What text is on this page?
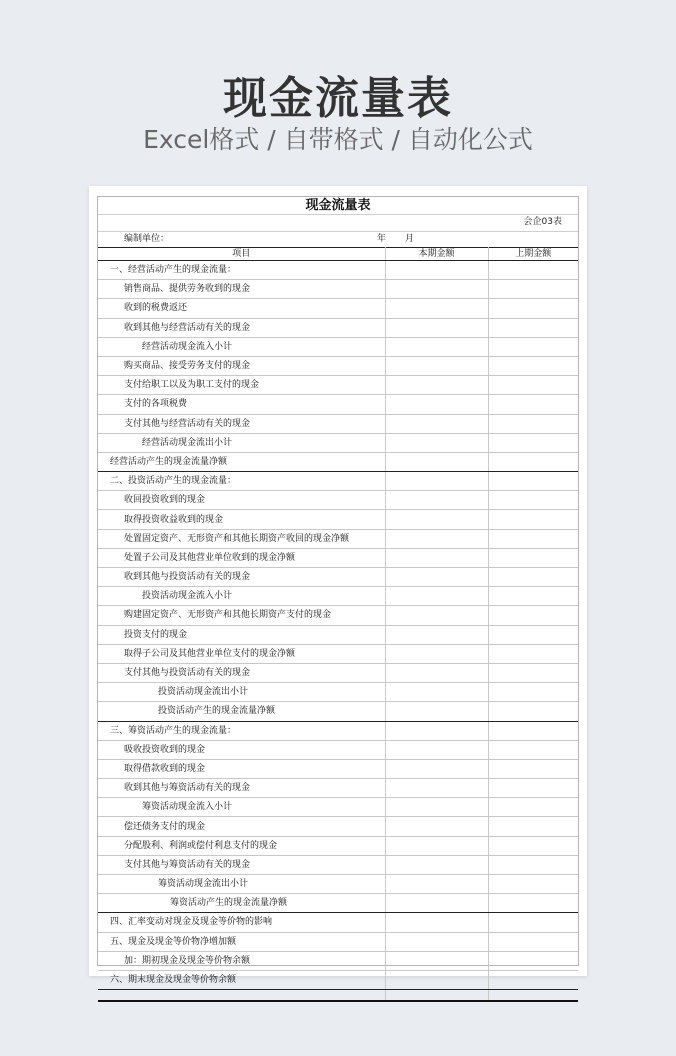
现金流量表

Excel格式 / 自带格式 / 自动化公式

现金流量表
会企03表
编制单位：	年 月
项目	本期金额	上期金额
一、经营活动产生的现金流量：		
销售商品、提供劳务收到的现金		
收到的税费返还		
收到其他与经营活动有关的现金		
经营活动现金流入小计		
购买商品、接受劳务支付的现金		
支付给职工以及为职工支付的现金		
支付的各项税费		
支付其他与经营活动有关的现金		
经营活动现金流出小计		
经营活动产生的现金流量净额		
二、投资活动产生的现金流量：		
收回投资收到的现金		
取得投资收益收到的现金		
处置固定资产、无形资产和其他长期资产收回的现金净额		
处置子公司及其他营业单位收到的现金净额		
收到其他与投资活动有关的现金		
投资活动现金流入小计		
购建固定资产、无形资产和其他长期资产支付的现金		
投资支付的现金		
取得子公司及其他营业单位支付的现金净额		
支付其他与投资活动有关的现金		
投资活动现金流出小计		
投资活动产生的现金流量净额		
三、筹资活动产生的现金流量：		
吸收投资收到的现金		
取得借款收到的现金		
收到其他与筹资活动有关的现金		
筹资活动现金流入小计		
偿还债务支付的现金		
分配股利、利润或偿付利息支付的现金		
支付其他与筹资活动有关的现金		
筹资活动现金流出小计		
筹资活动产生的现金流量净额		
四、汇率变动对现金及现金等价物的影响		
五、现金及现金等价物净增加额		
加：期初现金及现金等价物余额		
六、期末现金及现金等价物余额		
